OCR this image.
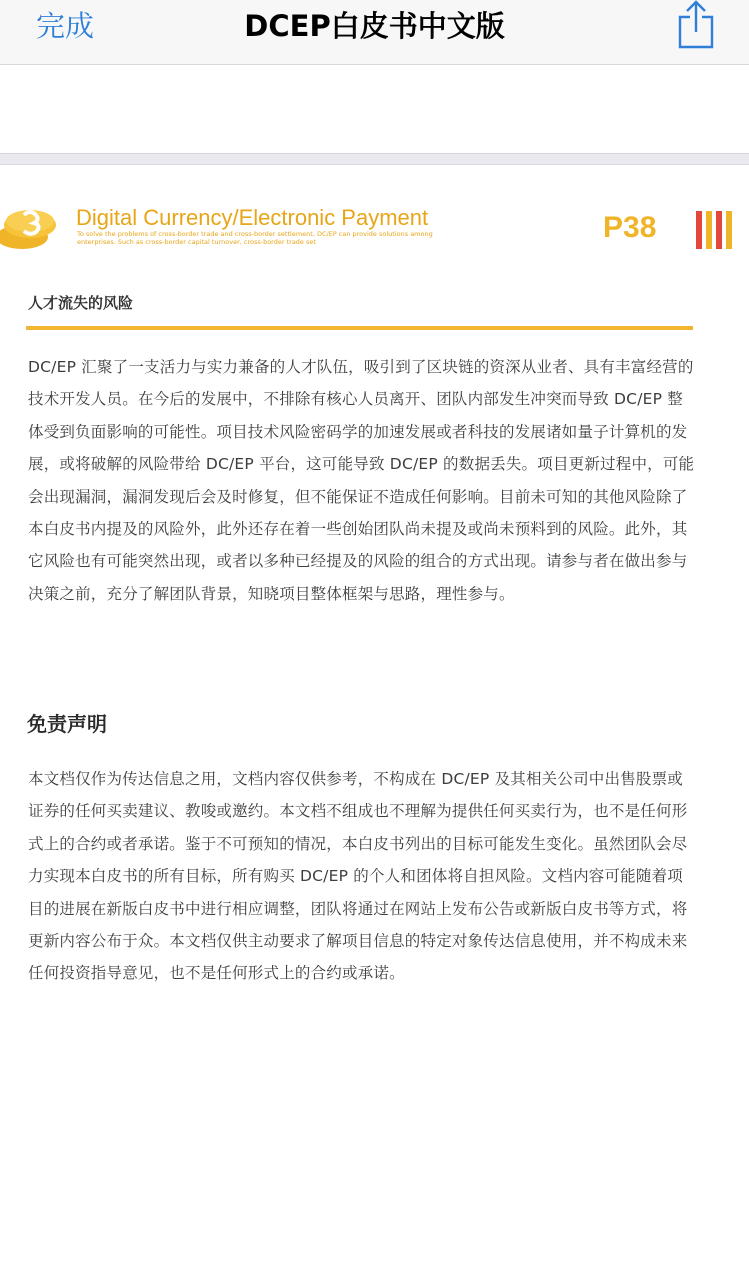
完成	DCEP白皮书中文版
Digital Currency/Electronic Payment
To solve the problems of cross-border trade and cross-border settlement, DC/EP can provide solutions among
enterprises. Such as cross-border capital turnover, cross-border trade set	P38
人才流失的风险

DC/EP 汇聚了一支活力与实力兼备的人才队伍，吸引到了区块链的资深从业者、具有丰富经营的技术开发人员。在今后的发展中，不排除有核心人员离开、团队内部发生冲突而导致 DC/EP 整体受到负面影响的可能性。项目技术风险密码学的加速发展或者科技的发展诸如量子计算机的发展，或将破解的风险带给 DC/EP 平台，这可能导致 DC/EP 的数据丢失。项目更新过程中，可能会出现漏洞，漏洞发现后会及时修复，但不能保证不造成任何影响。目前未可知的其他风险除了本白皮书内提及的风险外，此外还存在着一些创始团队尚未提及或尚未预料到的风险。此外，其它风险也有可能突然出现，或者以多种已经提及的风险的组合的方式出现。请参与者在做出参与决策之前，充分了解团队背景，知晓项目整体框架与思路，理性参与。

免责声明

本文档仅作为传达信息之用，文档内容仅供参考，不构成在 DC/EP 及其相关公司中出售股票或证券的任何买卖建议、教唆或邀约。本文档不组成也不理解为提供任何买卖行为，也不是任何形式上的合约或者承诺。鉴于不可预知的情况，本白皮书列出的目标可能发生变化。虽然团队会尽力实现本白皮书的所有目标，所有购买 DC/EP 的个人和团体将自担风险。文档内容可能随着项目的进展在新版白皮书中进行相应调整，团队将通过在网站上发布公告或新版白皮书等方式，将更新内容公布于众。本文档仅供主动要求了解项目信息的特定对象传达信息使用，并不构成未来任何投资指导意见，也不是任何形式上的合约或承诺。
